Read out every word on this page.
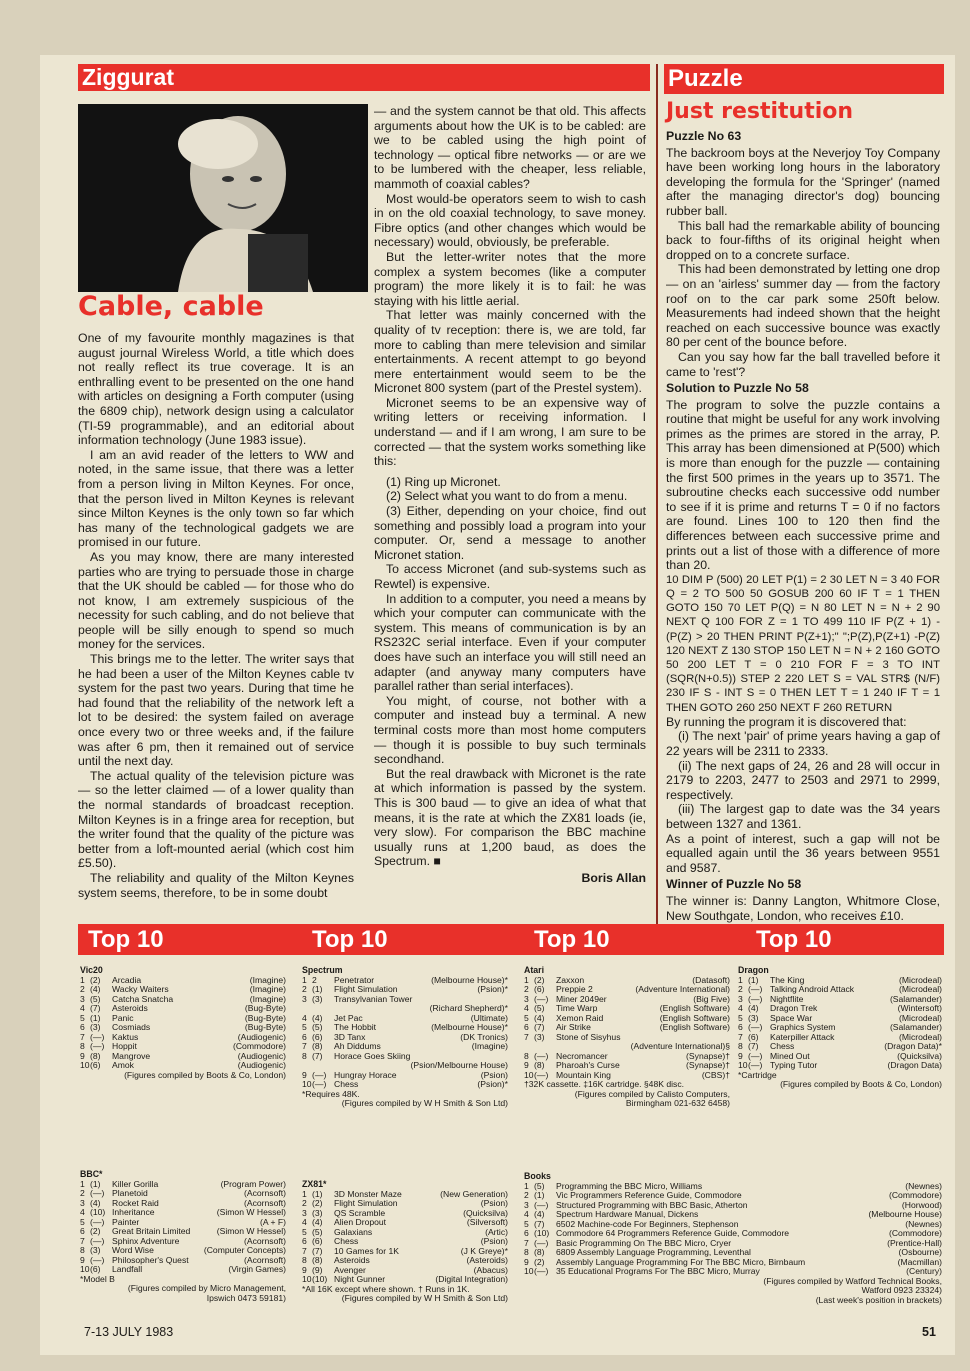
Ziggurat	Puzzle
Cable, cable

One of my favourite monthly magazines is that august journal Wireless World, a title which does not really reflect its true coverage. It is an enthralling event to be presented on the one hand with articles on designing a Forth computer (using the 6809 chip), network design using a calculator (TI-59 programmable), and an editorial about information technology (June 1983 issue).

I am an avid reader of the letters to WW and noted, in the same issue, that there was a letter from a person living in Milton Keynes. For once, that the person lived in Milton Keynes is relevant since Milton Keynes is the only town so far which has many of the technological gadgets we are promised in our future.

As you may know, there are many interested parties who are trying to persuade those in charge that the UK should be cabled — for those who do not know, I am extremely suspicious of the necessity for such cabling, and do not believe that people will be silly enough to spend so much money for the services.

This brings me to the letter. The writer says that he had been a user of the Milton Keynes cable tv system for the past two years. During that time he had found that the reliability of the network left a lot to be desired: the system failed on average once every two or three weeks and, if the failure was after 6 pm, then it remained out of service until the next day.

The actual quality of the television picture was — so the letter claimed — of a lower quality than the normal standards of broadcast reception. Milton Keynes is in a fringe area for reception, but the writer found that the quality of the picture was better from a loft-mounted aerial (which cost him £5.50).

The reliability and quality of the Milton Keynes system seems, therefore, to be in some doubt

— and the system cannot be that old. This affects arguments about how the UK is to be cabled: are we to be cabled using the high point of technology — optical fibre networks — or are we to be lumbered with the cheaper, less reliable, mammoth of coaxial cables?

Most would-be operators seem to wish to cash in on the old coaxial technology, to save money. Fibre optics (and other changes which would be necessary) would, obviously, be preferable.

But the letter-writer notes that the more complex a system becomes (like a computer program) the more likely it is to fail: he was staying with his little aerial.

That letter was mainly concerned with the quality of tv reception: there is, we are told, far more to cabling than mere television and similar entertainments. A recent attempt to go beyond mere entertainment would seem to be the Micronet 800 system (part of the Prestel system).

Micronet seems to be an expensive way of writing letters or receiving information. I understand — and if I am wrong, I am sure to be corrected — that the system works something like this:

(1) Ring up Micronet.

(2) Select what you want to do from a menu.

(3) Either, depending on your choice, find out something and possibly load a program into your computer. Or, send a message to another Micronet station.

To access Micronet (and sub-systems such as Rewtel) is expensive.

In addition to a computer, you need a means by which your computer can communicate with the system. This means of communication is by an RS232C serial interface. Even if your computer does have such an interface you will still need an adapter (and anyway many computers have parallel rather than serial interfaces).

You might, of course, not bother with a computer and instead buy a terminal. A new terminal costs more than most home computers — though it is possible to buy such terminals secondhand.

But the real drawback with Micronet is the rate at which information is passed by the system. This is 300 baud — to give an idea of what that means, it is the rate at which the ZX81 loads (ie, very slow). For comparison the BBC machine usually runs at 1,200 baud, as does the Spectrum. ■

Boris Allan
Just restitution
Puzzle No 63

The backroom boys at the Neverjoy Toy Company have been working long hours in the laboratory developing the formula for the 'Springer' (named after the managing director's dog) bouncing rubber ball.

This ball had the remarkable ability of bouncing back to four-fifths of its original height when dropped on to a concrete surface.

This had been demonstrated by letting one drop — on an 'airless' summer day — from the factory roof on to the car park some 250ft below. Measurements had indeed shown that the height reached on each successive bounce was exactly 80 per cent of the bounce before.

Can you say how far the ball travelled before it came to 'rest'?

Solution to Puzzle No 58

The program to solve the puzzle contains a routine that might be useful for any work involving primes as the primes are stored in the array, P. This array has been dimensioned at P(500) which is more than enough for the puzzle — containing the first 500 primes in the years up to 3571. The subroutine checks each successive odd number to see if it is prime and returns T = 0 if no factors are found. Lines 100 to 120 then find the differences between each successive prime and prints out a list of those with a difference of more than 20.

10 DIM P (500) 20 LET P(1) = 2 30 LET N = 3 40 FOR Q = 2 TO 500 50 GOSUB 200 60 IF T = 1 THEN GOTO 150 70 LET P(Q) = N 80 LET N = N + 2 90 NEXT Q 100 FOR Z = 1 TO 499 110 IF P(Z + 1) - (P(Z) > 20 THEN PRINT P(Z+1);" ";P(Z),P(Z+1) -P(Z) 120 NEXT Z 130 STOP 150 LET N = N + 2 160 GOTO 50 200 LET T = 0 210 FOR F = 3 TO INT (SQR(N+0.5)) STEP 2 220 LET S = VAL STR$ (N/F) 230 IF S - INT S = 0 THEN LET T = 1 240 IF T = 1 THEN GOTO 260 250 NEXT F 260 RETURN

By running the program it is discovered that:

(i) The next 'pair' of prime years having a gap of 22 years will be 2311 to 2333.

(ii) The next gaps of 24, 26 and 28 will occur in 2179 to 2203, 2477 to 2503 and 2971 to 2999, respectively.

(iii) The largest gap to date was the 34 years between 1327 and 1361.

As a point of interest, such a gap will not be equalled again until the 36 years between 9551 and 9587.

Winner of Puzzle No 58

The winner is: Danny Langton, Whitmore Close, New Southgate, London, who receives £10.

Top 10	Top 10	Top 10	Top 10
Vic20
1 (2)	Arcadia	(Imagine)
2 (4)	Wacky Waiters	(Imagine)
3 (5)	Catcha Snatcha	(Imagine)
4 (7)	Asteroids	(Bug-Byte)
5 (1)	Panic	(Bug-Byte)
6 (3)	Cosmiads	(Bug-Byte)
7 (—) Kaktus	(Audiogenic)
8 (—) Hoppit	(Commodore)
9 (8)	Mangrove	(Audiogenic)
10 (6)	Amok	(Audiogenic)
(Figures compiled by Boots & Co, London)
Spectrum
1 2	Penetrator	(Melbourne House)*
2 (1)	Flight Simulation	(Psion)*
3 (3)	Transylvanian Tower
(Richard Shepherd)*
4 (4)	Jet Pac	(Ultimate)
5 (5)	The Hobbit	(Melbourne House)*
6 (6)	3D Tanx	(DK Tronics)
7 (8)	Ah Diddums	(Imagine)
8 (7)	Horace Goes Skiing
(Psion/Melbourne House)
9 (—) Hungray Horace	(Psion)
10 (—) Chess	(Psion)*
*Requires 48K.
(Figures compiled by W H Smith & Son Ltd)
Atari
1 (2)	Zaxxon	(Datasoft)
2 (6)	Preppie 2	(Adventure International)
3 (—) Miner 2049er	(Big Five)
4 (5)	Time Warp	(English Software)
5 (4)	Xemon Raid	(English Software)
6 (7)	Air Strike	(English Software)
7 (3)	Stone of Sisyhus
(Adventure International)§
8 (—) Necromancer	(Synapse)†
9 (8)	Pharoah's Curse	(Synapse)†
10 (—) Mountain King	(CBS)†
†32K cassette. ‡16K cartridge. §48K disc.
(Figures compiled by Calisto Computers,
Birmingham 021-632 6458)
Dragon
1 (1)	The King	(Microdeal)
2 (—) Talking Android Attack	(Microdeal)
3 (—) Nightflite	(Salamander)
4 (4)	Dragon Trek	(Wintersoft)
5 (3)	Space War	(Microdeal)
6 (—) Graphics System	(Salamander)
7 (6)	Katerpiller Attack	(Microdeal)
8 (7)	Chess	(Dragon Data)*
9 (—) Mined Out	(Quicksilva)
10 (—) Typing Tutor	(Dragon Data)
*Cartridge
(Figures compiled by Boots & Co, London)
BBC*
1 (1)	Killer Gorilla	(Program Power)
2 (—) Planetoid	(Acornsoft)
3 (4)	Rocket Raid	(Acornsoft)
4 (10) Inheritance	(Simon W Hessel)
5 (—) Painter	(A + F)
6 (2)	Great Britain Limited	(Simon W Hessel)
7 (—) Sphinx Adventure	(Acornsoft)
8 (3)	Word Wise	(Computer Concepts)
9 (—) Philosopher's Quest	(Acornsoft)
10 (6)	Landfall	(Virgin Games)
*Model B
(Figures compiled by Micro Management,
Ipswich 0473 59181)
ZX81*
1 (1)	3D Monster Maze	(New Generation)
2 (2)	Flight Simulation	(Psion)
3 (3)	QS Scramble	(Quicksilva)
4 (4)	Alien Dropout	(Silversoft)
5 (5)	Galaxians	(Artic)
6 (6)	Chess	(Psion)
7 (7)	10 Games for 1K	(J K Greye)*
8 (8)	Asteroids	(Asteroids)
9 (9)	Avenger	(Abacus)
10 (10) Night Gunner	(Digital Integration)
*All 16K except where shown. † Runs in 1K.
(Figures compiled by W H Smith & Son Ltd)
Books
1 (5)	Programming the BBC Micro, Williams	(Newnes)
2 (1)	Vic Programmers Reference Guide, Commodore	(Commodore)
3 (—) Structured Programming with BBC Basic, Atherton	(Horwood)
4 (4)	Spectrum Hardware Manual, Dickens	(Melbourne House)
5 (7)	6502 Machine-code For Beginners, Stephenson	(Newnes)
6 (10) Commodore 64 Programmers Reference Guide, Commodore	(Commodore)
7 (—) Basic Programming On The BBC Micro, Cryer	(Prentice-Hall)
8 (8)	6809 Assembly Language Programming, Leventhal	(Osbourne)
9 (2)	Assembly Language Programming For The BBC Micro, Birnbaum	(Macmillan)
10 (—) 35 Educational Programs For The BBC Micro, Murray	(Century)
(Figures compiled by Watford Technical Books,
Watford 0923 23324)
(Last week's position in brackets)
7-13 JULY 1983	51
